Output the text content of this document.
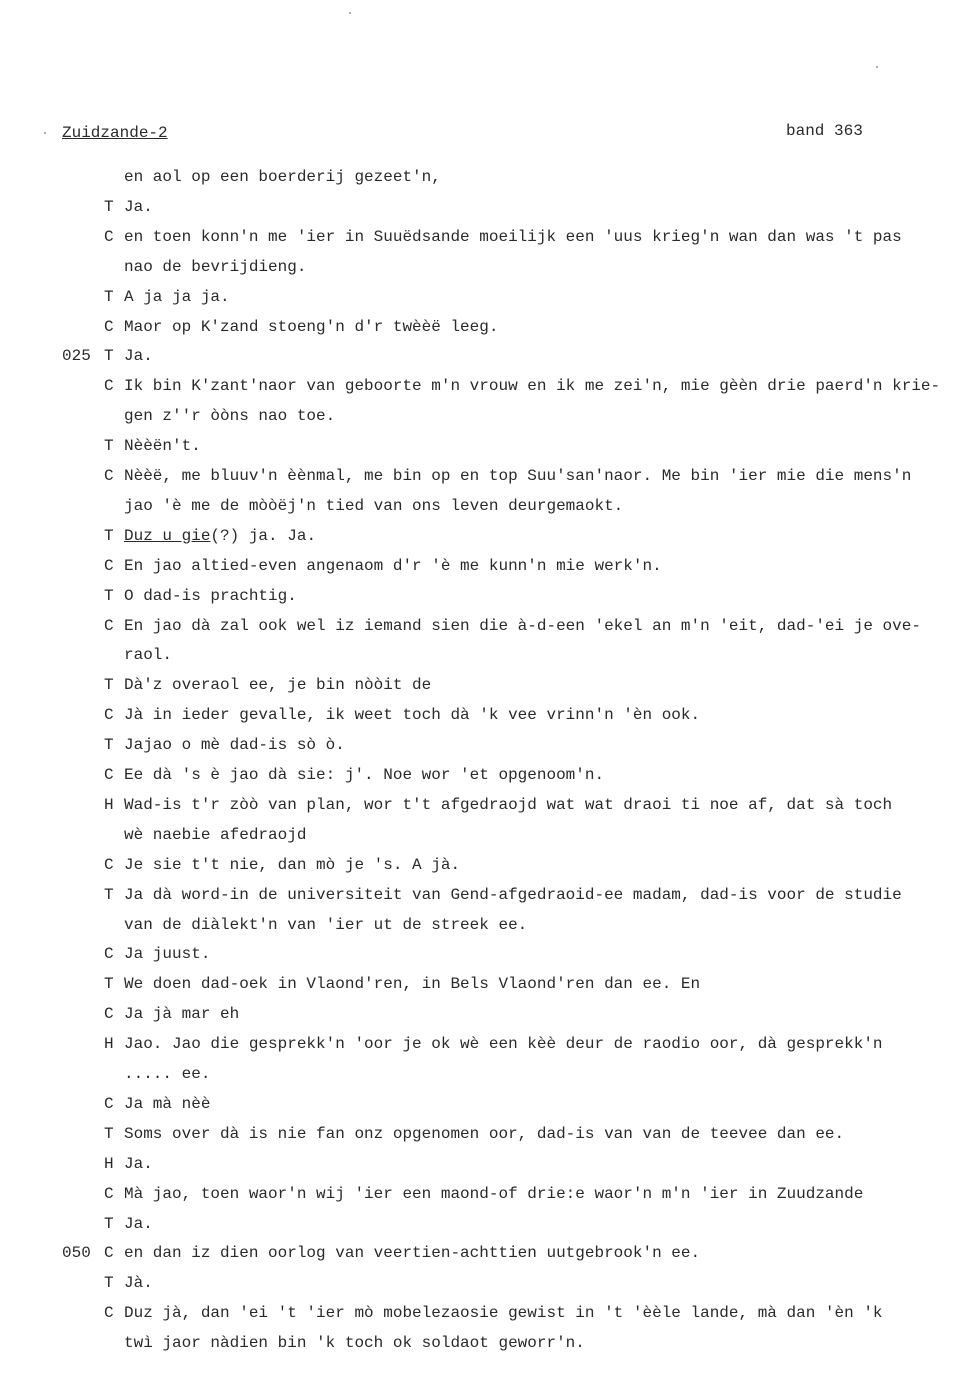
Zuidzande-2	band 363
en aol op een boerderij gezeet'n,
T Ja.
C en toen konn'n me 'ier in Suuëdsande moeilijk een 'uus krieg'n wan dan was 't pas
nao de bevrijdieng.
T A ja ja ja.
C Maor op K'zand stoeng'n d'r twèèë leeg.
025 T Ja.
C Ik bin K'zant'naor van geboorte m'n vrouw en ik me zei'n, mie gèèn drie paerd'n krie-
gen z''r òòns nao toe.
T Nèèën't.
C Nèèë, me bluuv'n èènmal, me bin op en top Suu'san'naor. Me bin 'ier mie die mens'n
jao 'è me de mòòëj'n tied van ons leven deurgemaokt.
T Duz u gie(?) ja. Ja.
C En jao altied-even angenaom d'r 'è me kunn'n mie werk'n.
T O dad-is prachtig.
C En jao dà zal ook wel iz iemand sien die à-d-een 'ekel an m'n 'eit, dad-'ei je ove-
raol.
T Dà'z overaol ee, je bin nòòit de
C Jà in ieder gevalle, ik weet toch dà 'k vee vrinn'n 'èn ook.
T Jajao o mè dad-is sò ò.
C Ee dà 's è jao dà sie: j'. Noe wor 'et opgenoom'n.
H Wad-is t'r zòò van plan, wor t't afgedraojd wat wat draoi ti noe af, dat sà toch
wè naebie afedraojd
C Je sie t't nie, dan mò je 's. A jà.
T Ja dà word-in de universiteit van Gend-afgedraoid-ee madam, dad-is voor de studie
van de diàlekt'n van 'ier ut de streek ee.
C Ja juust.
T We doen dad-oek in Vlaond'ren, in Bels Vlaond'ren dan ee. En
C Ja jà mar eh
H Jao. Jao die gesprekk'n 'oor je ok wè een kèè deur de raodio oor, dà gesprekk'n
..... ee.
C Ja mà nèè
T Soms over dà is nie fan onz opgenomen oor, dad-is van van de teevee dan ee.
H Ja.
C Mà jao, toen waor'n wij 'ier een maond-of drie:e waor'n m'n 'ier in Zuudzande
T Ja.
050 C en dan iz dien oorlog van veertien-achttien uutgebrook'n ee.
T Jà.
C Duz jà, dan 'ei 't 'ier mò mobelezaosie gewist in 't 'èèle lande, mà dan 'èn 'k
twì jaor nàdien bin 'k toch ok soldaot geworr'n.
